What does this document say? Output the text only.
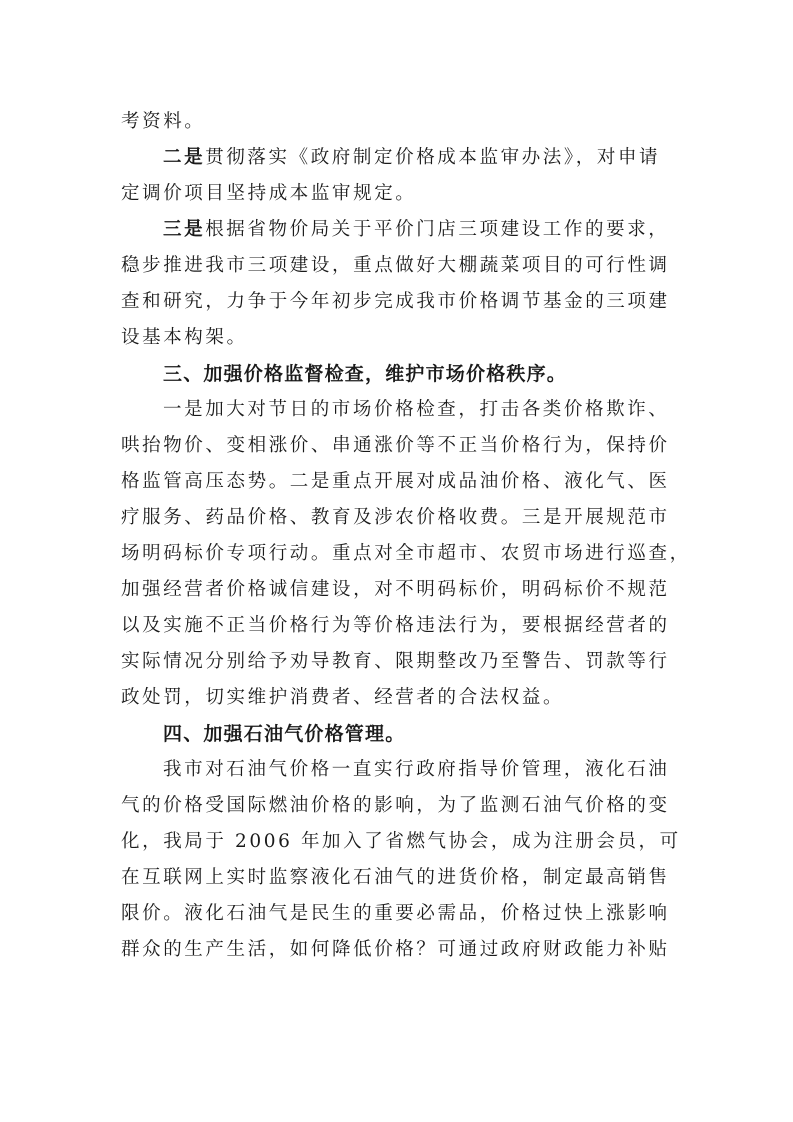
考资料。

二是贯彻落实《政府制定价格成本监审办法》，对申请
定调价项目坚持成本监审规定。

三是根据省物价局关于平价门店三项建设工作的要求，
稳步推进我市三项建设，重点做好大棚蔬菜项目的可行性调
查和研究，力争于今年初步完成我市价格调节基金的三项建
设基本构架。

三、加强价格监督检查，维护市场价格秩序。

一是加大对节日的市场价格检查，打击各类价格欺诈、
哄抬物价、变相涨价、串通涨价等不正当价格行为，保持价
格监管高压态势。二是重点开展对成品油价格、液化气、医
疗服务、药品价格、教育及涉农价格收费。三是开展规范市
场明码标价专项行动。重点对全市超市、农贸市场进行巡查，
加强经营者价格诚信建设，对不明码标价，明码标价不规范
以及实施不正当价格行为等价格违法行为，要根据经营者的
实际情况分别给予劝导教育、限期整改乃至警告、罚款等行
政处罚，切实维护消费者、经营者的合法权益。

四、加强石油气价格管理。

我市对石油气价格一直实行政府指导价管理，液化石油
气的价格受国际燃油价格的影响，为了监测石油气价格的变
化，我局于 2006 年加入了省燃气协会，成为注册会员，可
在互联网上实时监察液化石油气的进货价格，制定最高销售
限价。液化石油气是民生的重要必需品，价格过快上涨影响
群众的生产生活，如何降低价格？可通过政府财政能力补贴
